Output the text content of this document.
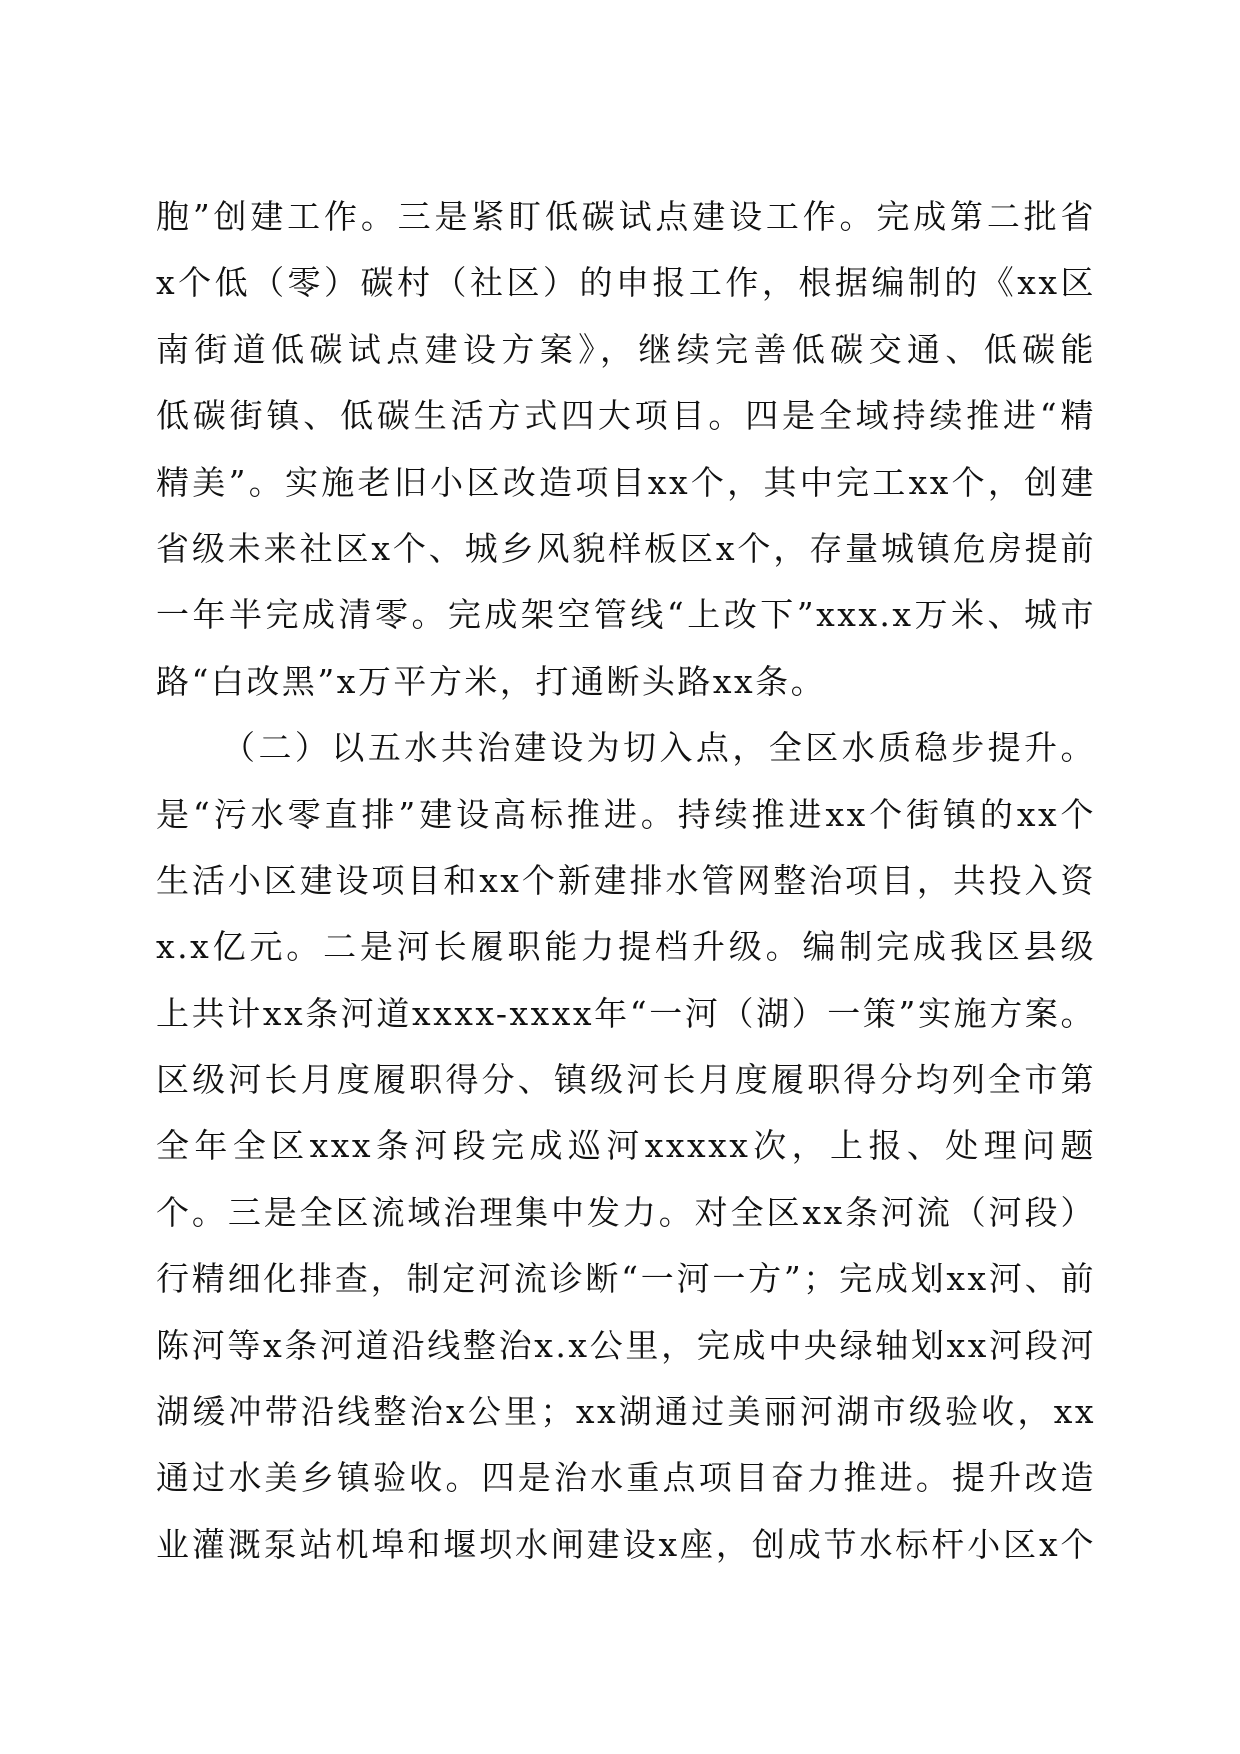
胞”创建工作。三是紧盯低碳试点建设工作。完成第二批省
x个低（零）碳村（社区）的申报工作，根据编制的《xx区
南街道低碳试点建设方案》，继续完善低碳交通、低碳能
低碳街镇、低碳生活方式四大项目。四是全域持续推进“精
精美”。实施老旧小区改造项目xx个，其中完工xx个，创建
省级未来社区x个、城乡风貌样板区x个，存量城镇危房提前
一年半完成清零。完成架空管线“上改下”xxx.x万米、城市
路“白改黑”x万平方米，打通断头路xx条。
（二）以五水共治建设为切入点，全区水质稳步提升。
是“污水零直排”建设高标推进。持续推进xx个街镇的xx个
生活小区建设项目和xx个新建排水管网整治项目，共投入资
x.x亿元。二是河长履职能力提档升级。编制完成我区县级
上共计xx条河道xxxx-xxxx年“一河（湖）一策”实施方案。
区级河长月度履职得分、镇级河长月度履职得分均列全市第
全年全区xxx条河段完成巡河xxxxx次，上报、处理问题
个。三是全区流域治理集中发力。对全区xx条河流（河段）
行精细化排查，制定河流诊断“一河一方”；完成划xx河、前
陈河等x条河道沿线整治x.x公里，完成中央绿轴划xx河段河
湖缓冲带沿线整治x公里；xx湖通过美丽河湖市级验收，xx
通过水美乡镇验收。四是治水重点项目奋力推进。提升改造
业灌溉泵站机埠和堰坝水闸建设x座，创成节水标杆小区x个
